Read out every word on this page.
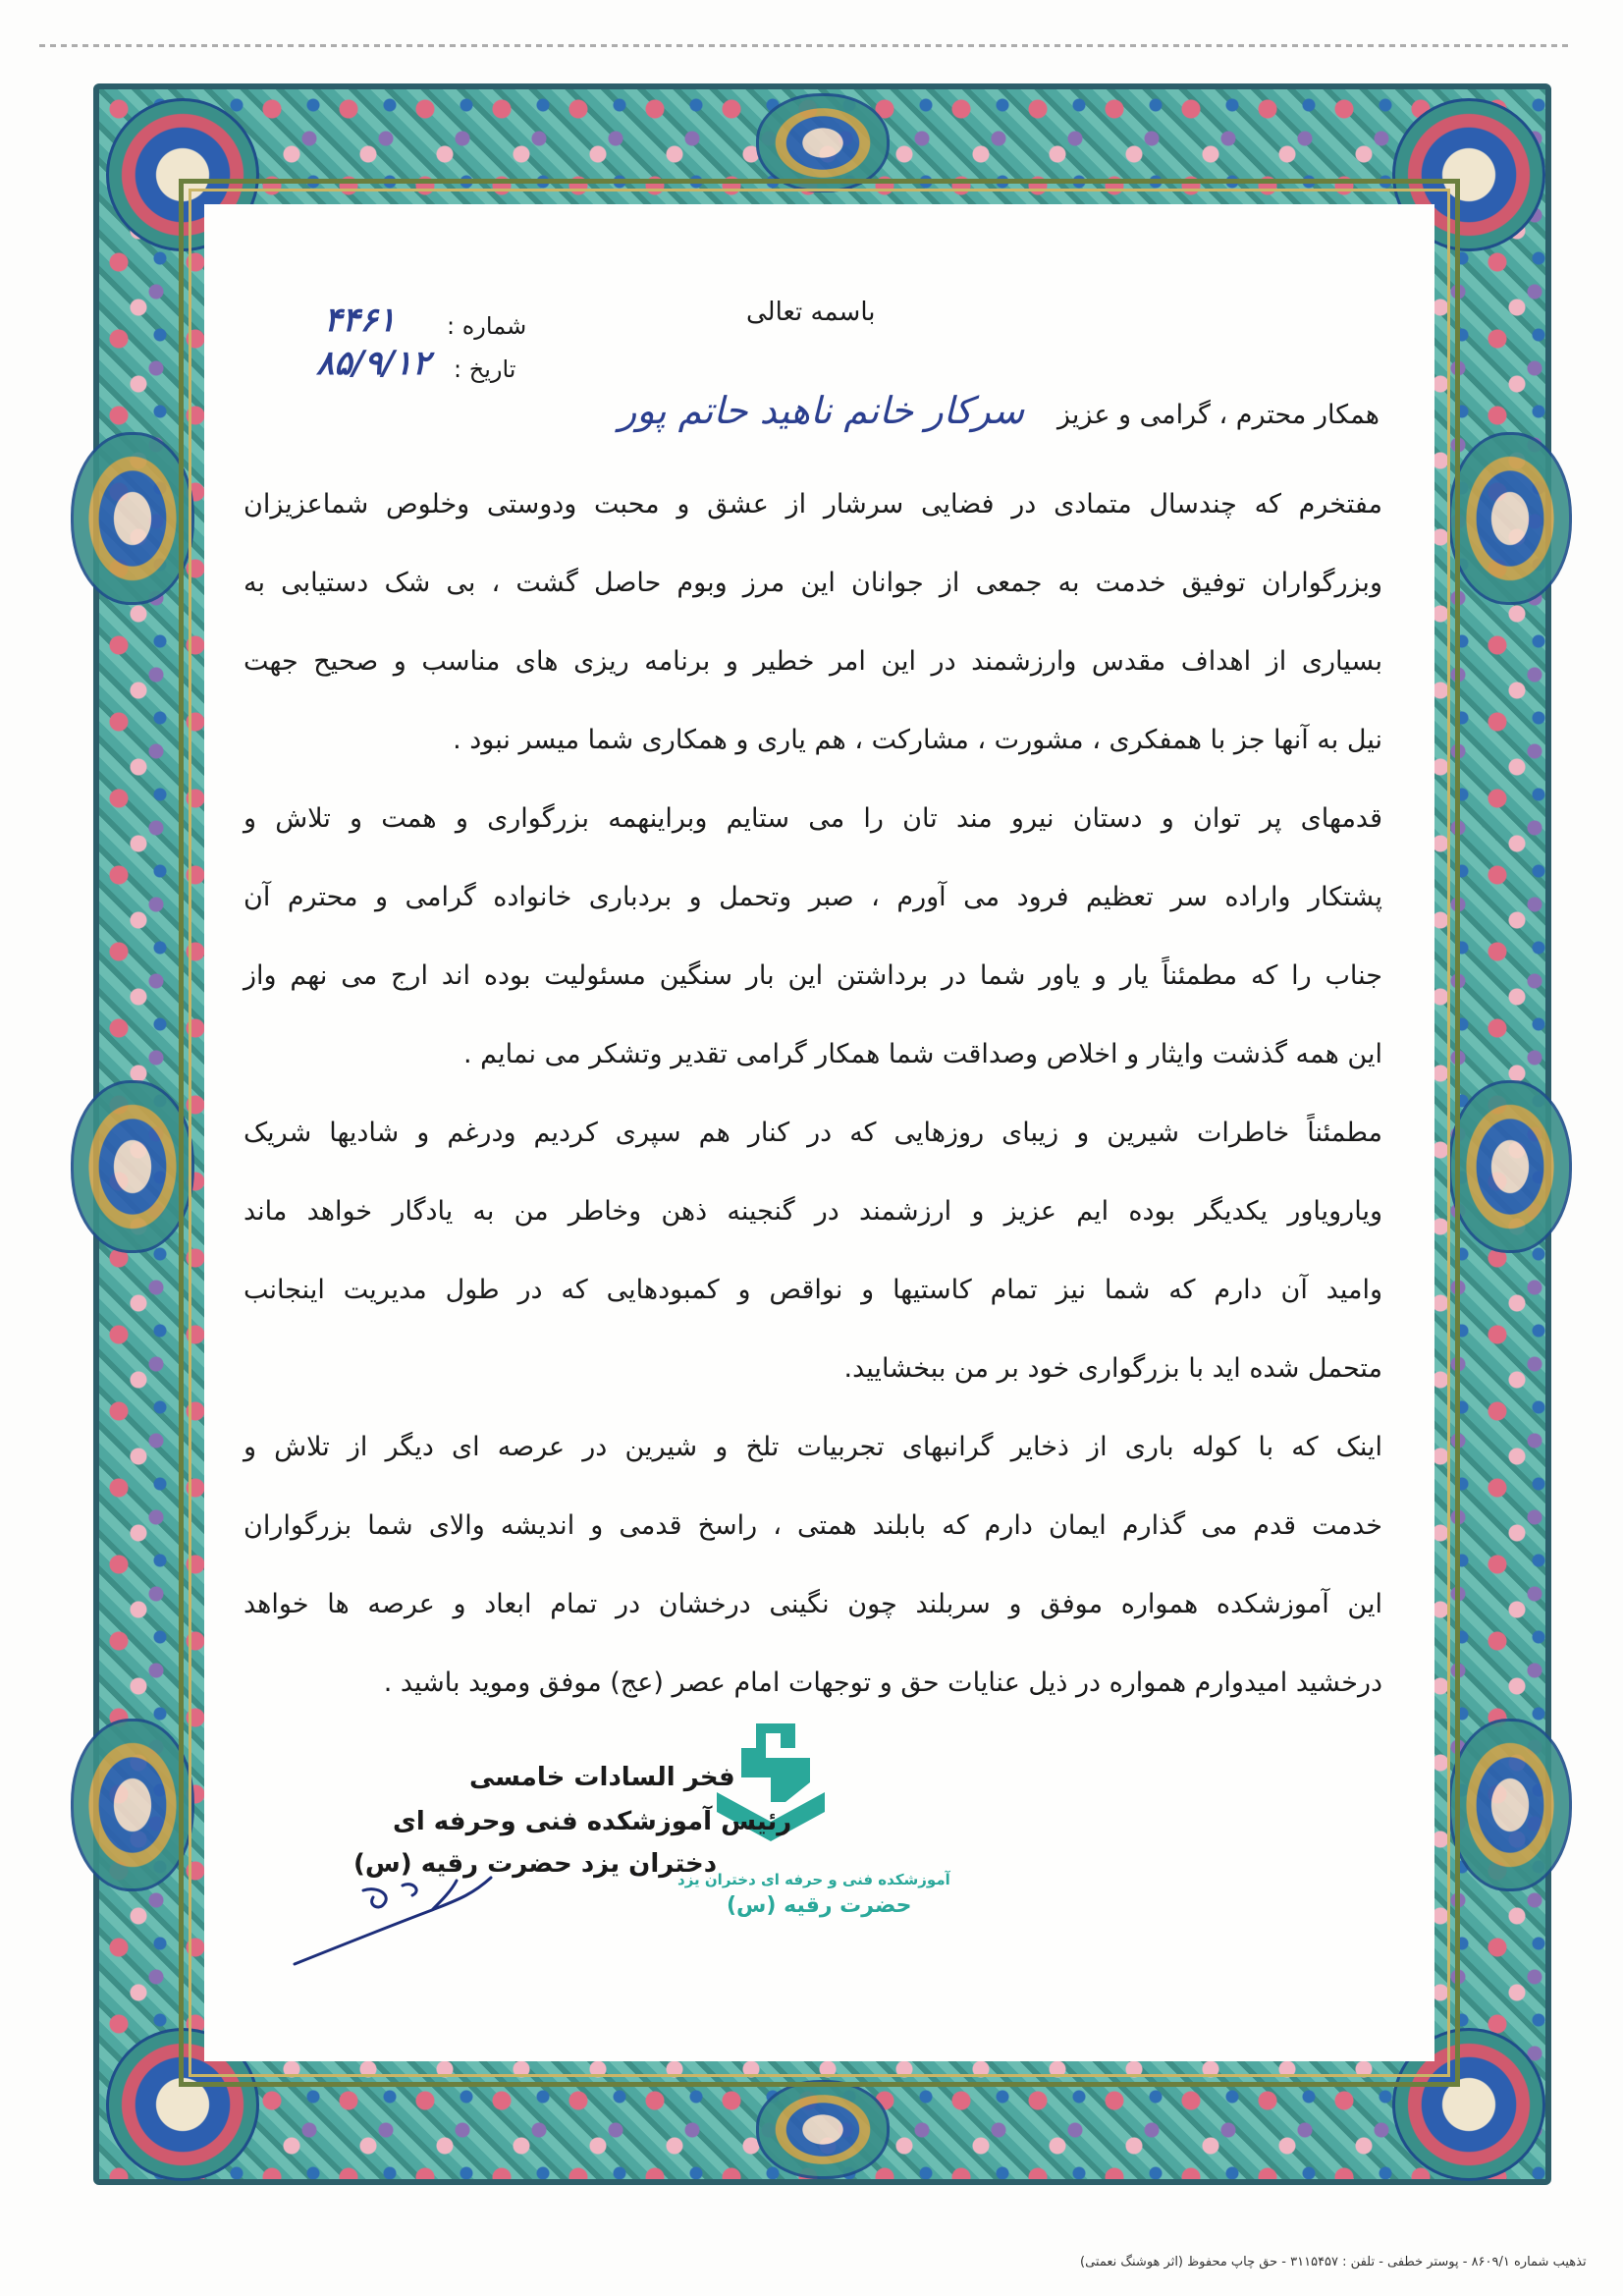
باسمه تعالی
شماره :
۴۴۶۱
تاریخ :
۸۵/۹/۱۲
همکار محترم ، گرامی و عزیز
سرکار خانم ناهید حاتم پور
مفتخرم که چندسال متمادی در فضایی سرشار از عشق و محبت ودوستی وخلوص شماعزیزان
وبزرگواران توفیق خدمت به جمعی از جوانان این مرز وبوم حاصل گشت ، بی شک دستیابی به
بسیاری از اهداف مقدس وارزشمند در این امر خطیر و برنامه ریزی های مناسب و صحیح جهت
نیل به آنها جز با همفکری ، مشورت ، مشارکت ، هم یاری و همکاری شما میسر نبود .
قدمهای پر توان و دستان نیرو مند تان را می ستایم وبراینهمه بزرگواری و همت و تلاش و
پشتکار واراده سر تعظیم فرود می آورم ، صبر وتحمل و بردباری خانواده گرامی و محترم آن
جناب را که مطمئناً یار و یاور شما در برداشتن این بار سنگین مسئولیت بوده اند ارج می نهم واز
این همه گذشت وایثار و اخلاص وصداقت شما همکار گرامی تقدیر وتشکر می نمایم .
مطمئناً خاطرات شیرین و زیبای روزهایی که در کنار هم سپری کردیم ودرغم و شادیها شریک
ویارویاور یکدیگر بوده ایم عزیز و ارزشمند در گنجینه ذهن وخاطر من به یادگار خواهد ماند
وامید آن دارم که شما نیز تمام کاستیها و نواقص و کمبودهایی که در طول مدیریت اینجانب
متحمل شده اید با بزرگواری خود بر من ببخشایید.
اینک که با کوله باری از ذخایر گرانبهای تجربیات تلخ و شیرین در عرصه ای دیگر از تلاش و
خدمت قدم می گذارم ایمان دارم که بابلند همتی ، راسخ قدمی و اندیشه والای شما بزرگواران
این آموزشکده همواره موفق و سربلند چون نگینی درخشان در تمام ابعاد و عرصه ها خواهد
درخشید امیدوارم همواره در ذیل عنایات حق و توجهات امام عصر (عج) موفق وموید باشید .
آموزشکده فنی و حرفه ای دختران یزد
حضرت رقیه (س)
فخر السادات خامسی
رئیس آموزشکده فنی وحرفه ای
دختران یزد حضرت رقیه (س)
تذهیب شماره ۸۶۰۹/۱ - پوستر خطفی - تلفن : ۳۱۱۵۴۵۷ - حق چاپ محفوظ (اثر هوشنگ نعمتی)
